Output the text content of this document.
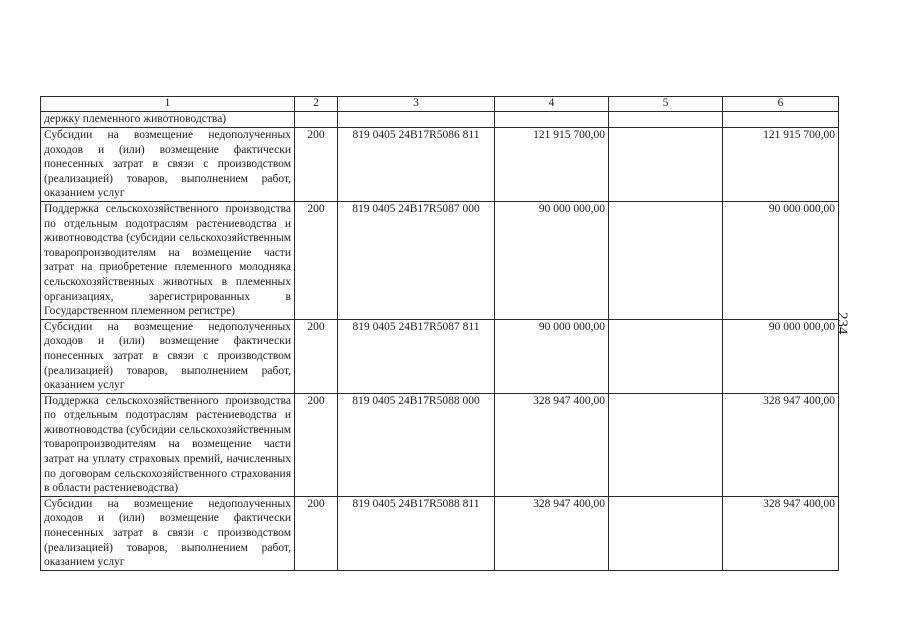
1	2	3	4	5	6
держку племенного животноводства)					
Субсидии на возмещение недополученных доходов и (или) возмещение фактически понесенных затрат в связи с производством (реализацией) товаров, выполнением работ, оказанием услуг	200	819 0405 24В17R5086 811	121 915 700,00		121 915 700,00
Поддержка сельскохозяйственного производства по отдельным подотраслям растениеводства и животноводства (субсидии сельскохозяйственным товаропроизводителям на возмещение части затрат на приобретение племенного молодняка сельскохозяйственных животных в племенных организациях, зарегистрированных в Государственном племенном регистре)	200	819 0405 24В17R5087 000	90 000 000,00		90 000 000,00
Субсидии на возмещение недополученных доходов и (или) возмещение фактически понесенных затрат в связи с производством (реализацией) товаров, выполнением работ, оказанием услуг	200	819 0405 24В17R5087 811	90 000 000,00		90 000 000,00
Поддержка сельскохозяйственного производства по отдельным подотраслям растениеводства и животноводства (субсидии сельскохозяйственным товаропроизводителям на возмещение части затрат на уплату страховых премий, начисленных по договорам сельскохозяйственного страхования в области растениеводства)	200	819 0405 24В17R5088 000	328 947 400,00		328 947 400,00
Субсидии на возмещение недополученных доходов и (или) возмещение фактически понесенных затрат в связи с производством (реализацией) товаров, выполнением работ, оказанием услуг	200	819 0405 24В17R5088 811	328 947 400,00		328 947 400,00
234
